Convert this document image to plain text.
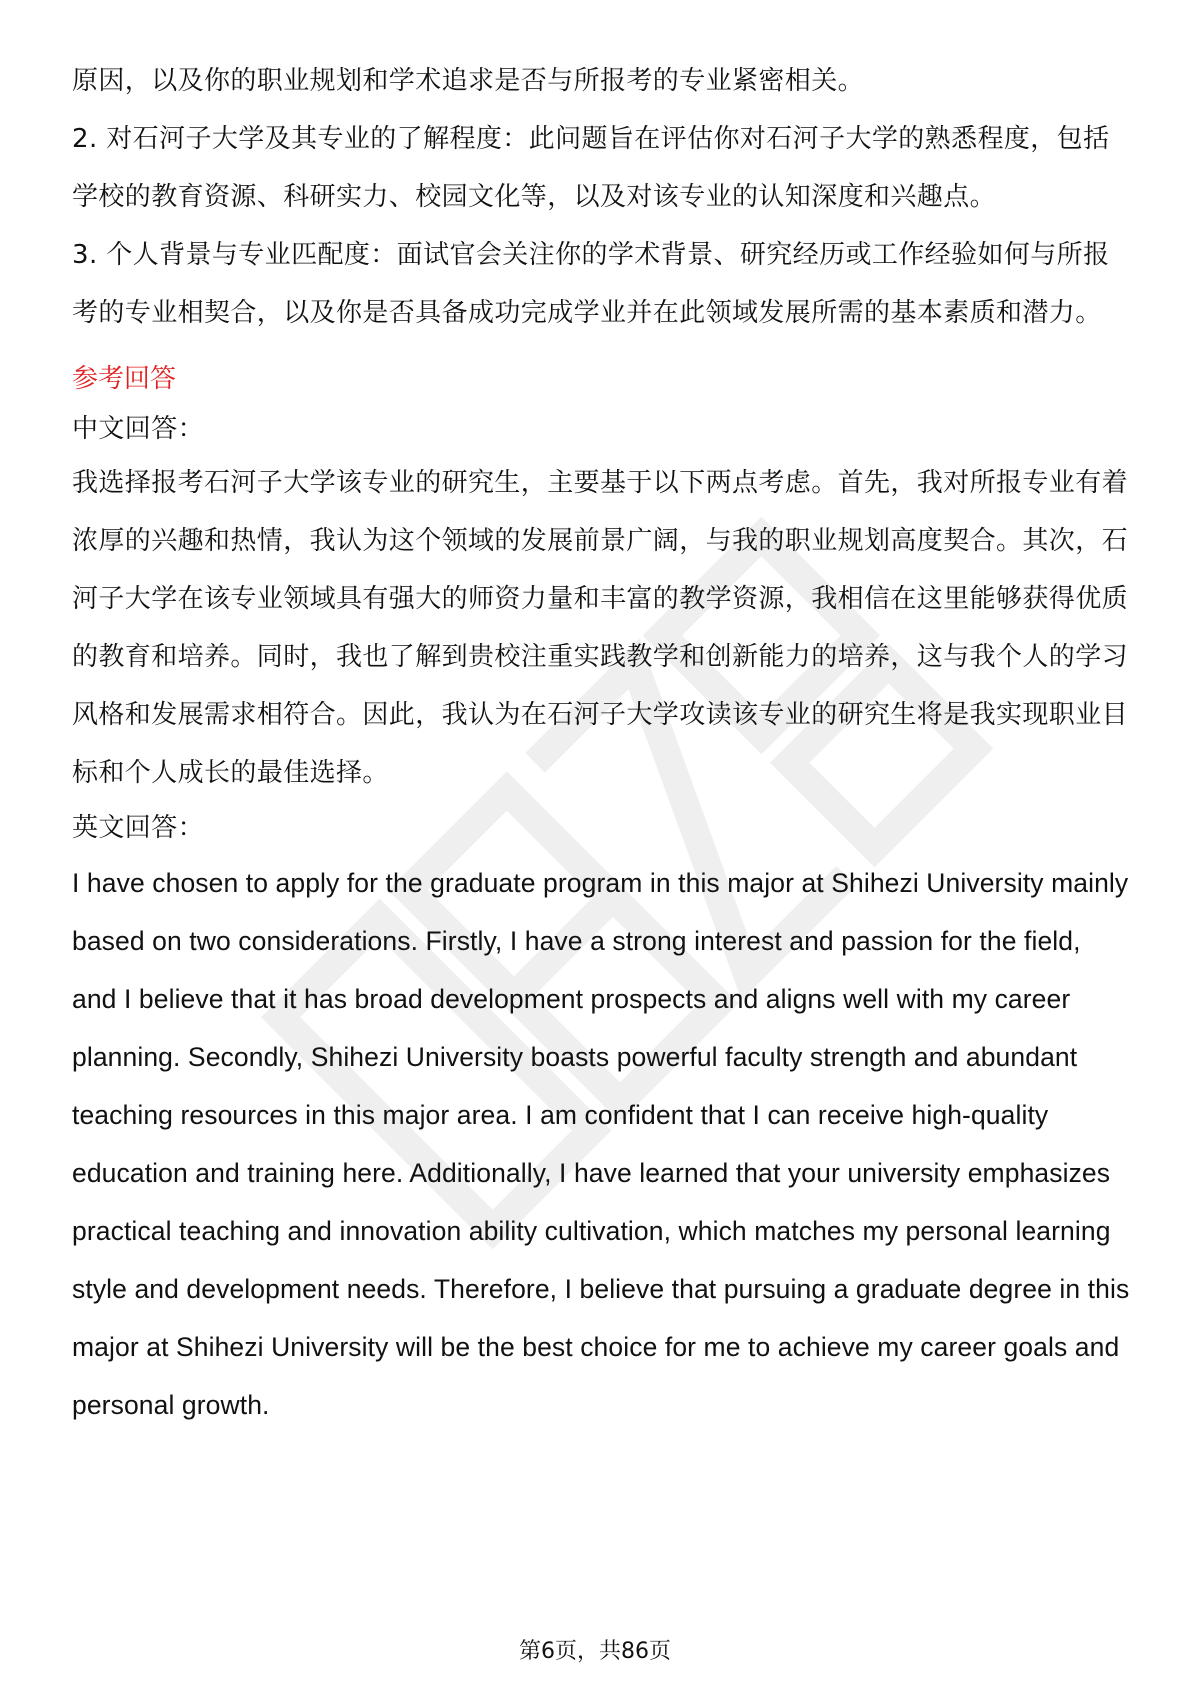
原因，以及你的职业规划和学术追求是否与所报考的专业紧密相关。

2. 对石河子大学及其专业的了解程度：此问题旨在评估你对石河子大学的熟悉程度，包括学校的教育资源、科研实力、校园文化等，以及对该专业的认知深度和兴趣点。

3. 个人背景与专业匹配度：面试官会关注你的学术背景、研究经历或工作经验如何与所报考的专业相契合，以及你是否具备成功完成学业并在此领域发展所需的基本素质和潜力。

参考回答

中文回答：

我选择报考石河子大学该专业的研究生，主要基于以下两点考虑。首先，我对所报专业有着浓厚的兴趣和热情，我认为这个领域的发展前景广阔，与我的职业规划高度契合。其次，石河子大学在该专业领域具有强大的师资力量和丰富的教学资源，我相信在这里能够获得优质的教育和培养。同时，我也了解到贵校注重实践教学和创新能力的培养，这与我个人的学习风格和发展需求相符合。因此，我认为在石河子大学攻读该专业的研究生将是我实现职业目标和个人成长的最佳选择。

英文回答：

I have chosen to apply for the graduate program in this major at Shihezi University mainly based on two considerations. Firstly, I have a strong interest and passion for the field, and I believe that it has broad development prospects and aligns well with my career planning. Secondly, Shihezi University boasts powerful faculty strength and abundant teaching resources in this major area. I am confident that I can receive high-quality education and training here. Additionally, I have learned that your university emphasizes practical teaching and innovation ability cultivation, which matches my personal learning style and development needs. Therefore, I believe that pursuing a graduate degree in this major at Shihezi University will be the best choice for me to achieve my career goals and personal growth.

第6页，共86页
